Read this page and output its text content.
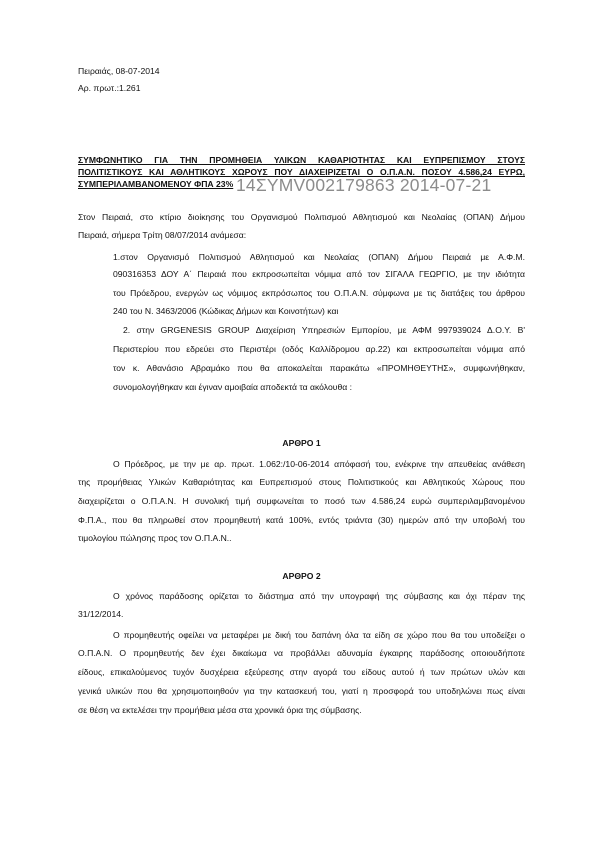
Πειραιάς, 08-07-2014
Αρ. πρωτ.:1.261
ΣΥΜΦΩΝΗΤΙΚΟ ΓΙΑ ΤΗΝ ΠΡΟΜΗΘΕΙΑ ΥΛΙΚΩΝ ΚΑΘΑΡΙΟΤΗΤΑΣ ΚΑΙ ΕΥΠΡΕΠΙΣΜΟΥ ΣΤΟΥΣ
ΠΟΛΙΤΙΣΤΙΚΟΥΣ ΚΑΙ ΑΘΛΗΤΙΚΟΥΣ ΧΩΡΟΥΣ ΠΟΥ ΔΙΑΧΕΙΡΙΖΕΤΑΙ Ο Ο.Π.Α.Ν. ΠΟΣΟΥ 4.586,24 ΕΥΡΩ,
ΣΥΜΠΕΡΙΛΑΜΒΑΝΟΜΕΝΟΥ ΦΠΑ 23% 14ΣΥΜV002179863 2014-07-21
Στον Πειραιά, στο κτίριο διοίκησης του Οργανισμού Πολιτισμού Αθλητισμού και Νεολαίας (ΟΠΑΝ) Δήμου
Πειραιά, σήμερα Τρίτη 08/07/2014 ανάμεσα:
1.στον Οργανισμό Πολιτισμού Αθλητισμού και Νεολαίας (ΟΠΑΝ) Δήμου Πειραιά με Α.Φ.Μ.
090316353 ΔΟΥ Α΄ Πειραιά που εκπροσωπείται νόμιμα από τον ΣΙΓΑΛΑ ΓΕΩΡΓΙΟ, με την ιδιότητα
του Πρόεδρου, ενεργών ως νόμιμος εκπρόσωπος του Ο.Π.Α.Ν. σύμφωνα με τις διατάξεις του άρθρου
240 του Ν. 3463/2006 (Κώδικας Δήμων και Κοινοτήτων) και
2. στην GRGENESIS GROUP Διαχείριση Υπηρεσιών Εμπορίου, με ΑΦΜ 997939024 Δ.Ο.Υ. Β'
Περιστερίου που εδρεύει στο Περιστέρι (οδός Καλλίδρομου αρ.22) και εκπροσωπείται νόμιμα από
τον κ. Αθανάσιο Αβραμάκο που θα αποκαλείται παρακάτω «ΠΡΟΜΗΘΕΥΤΗΣ», συμφωνήθηκαν,
συνομολογήθηκαν και έγιναν αμοιβαία αποδεκτά τα ακόλουθα :
ΑΡΘΡΟ 1
Ο Πρόεδρος, με την με αρ. πρωτ. 1.062:/10-06-2014 απόφασή του, ενέκρινε την απευθείας ανάθεση
της προμήθειας Υλικών Καθαριότητας και Ευπρεπισμού στους Πολιτιστικούς και Αθλητικούς Χώρους που
διαχειρίζεται ο Ο.Π.Α.Ν. Η συνολική τιμή συμφωνείται το ποσό των 4.586,24 ευρώ συμπεριλαμβανομένου
Φ.Π.Α., που θα πληρωθεί στον προμηθευτή κατά 100%, εντός τριάντα (30) ημερών από την υποβολή του
τιμολογίου πώλησης προς τον Ο.Π.Α.Ν..
ΑΡΘΡΟ 2
Ο χρόνος παράδοσης ορίζεται το διάστημα από την υπογραφή της σύμβασης και όχι πέραν της
31/12/2014.
Ο προμηθευτής οφείλει να μεταφέρει με δική του δαπάνη όλα τα είδη σε χώρο που θα του υποδείξει ο
Ο.Π.Α.Ν. Ο προμηθευτής δεν έχει δικαίωμα να προβάλλει αδυναμία έγκαιρης παράδοσης οποιουδήποτε
είδους, επικαλούμενος τυχόν δυσχέρεια εξεύρεσης στην αγορά του είδους αυτού ή των πρώτων υλών και
γενικά υλικών που θα χρησιμοποιηθούν για την κατασκευή του, γιατί η προσφορά του υποδηλώνει πως είναι
σε θέση να εκτελέσει την προμήθεια μέσα στα χρονικά όρια της σύμβασης.
